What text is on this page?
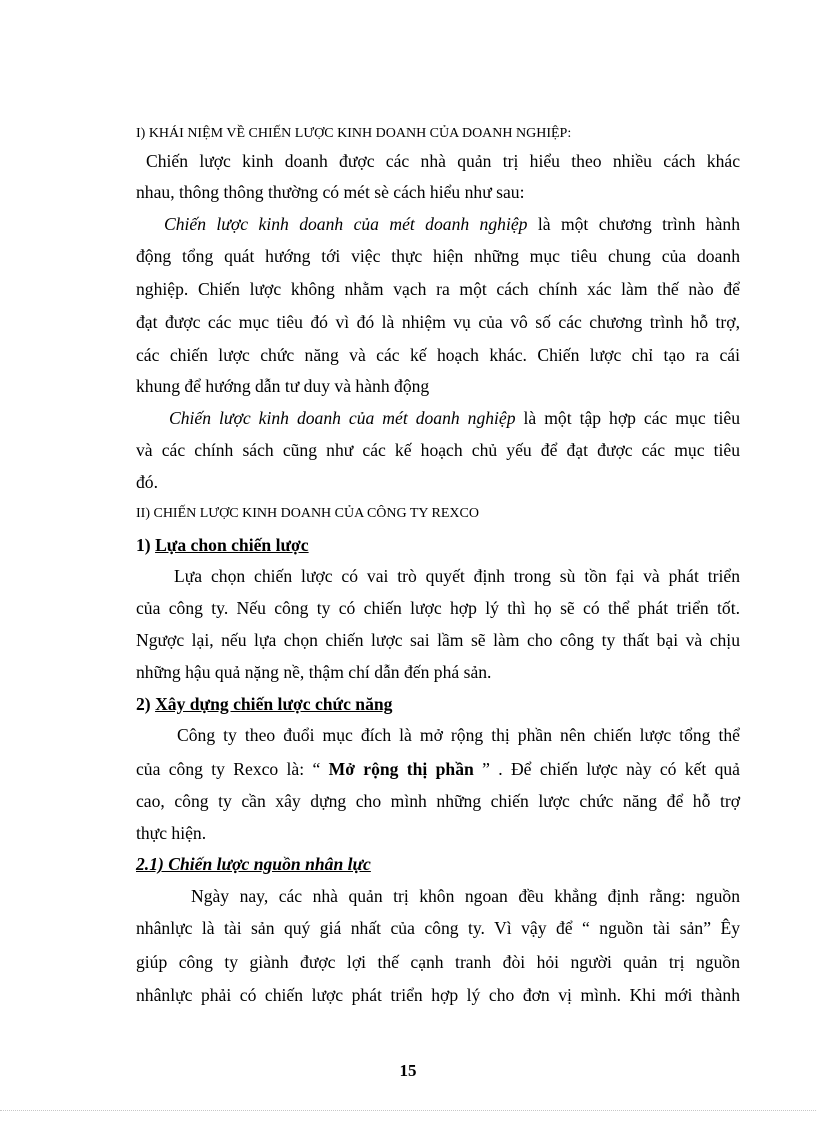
I) KHÁI NIỆM VỀ CHIẾN LƯỢC KINH DOANH CỦA DOANH NGHIỆP:
Chiến lược kinh doanh được các nhà quản trị hiểu theo nhiều cách khác
nhau, thông thông thường có mét sè cách hiểu như sau:
Chiến lược kinh doanh của mét doanh nghiệp là một chương trình hành
động tổng quát hướng tới việc thực hiện những mục tiêu chung của doanh
nghiệp. Chiến lược không nhằm vạch ra một cách chính xác làm thế nào để
đạt được các mục tiêu đó vì đó là nhiệm vụ của vô số các chương trình hỗ trợ,
các chiến lược chức năng và các kế hoạch khác. Chiến lược chỉ tạo ra cái
khung để hướng dẫn tư duy và hành động
Chiến lược kinh doanh của mét doanh nghiệp là một tập hợp các mục tiêu
và các chính sách cũng như các kế hoạch chủ yếu để đạt được các mục tiêu
đó.
II) CHIẾN LƯỢC KINH DOANH CỦA CÔNG TY REXCO
1) Lựa chon chiến lược
Lựa chọn chiến lược có vai trò quyết định trong sù tồn fại và phát triển
của công ty. Nếu công ty có chiến lược hợp lý thì họ sẽ có thể phát triển tốt.
Ngược lại, nếu lựa chọn chiến lược sai lầm sẽ làm cho công ty thất bại và chịu
những hậu quả nặng nề, thậm chí dẫn đến phá sản.
2) Xây dựng chiến lược chức năng
Công ty theo đuổi mục đích là mở rộng thị phần nên chiến lược tổng thể
của công ty Rexco là: “ Mở rộng thị phần ” . Để chiến lược này có kết quả
cao, công ty cần xây dựng cho mình những chiến lược chức năng để hỗ trợ
thực hiện.
2.1) Chiến lược nguồn nhân lực
Ngày nay, các nhà quản trị khôn ngoan đều khẳng định rằng: nguồn
nhânlực là tài sản quý giá nhất của công ty. Vì vậy để “ nguồn tài sản” Êy
giúp công ty giành được lợi thế cạnh tranh đòi hỏi người quản trị nguồn
nhânlực phải có chiến lược phát triển hợp lý cho đơn vị mình. Khi mới thành
15
